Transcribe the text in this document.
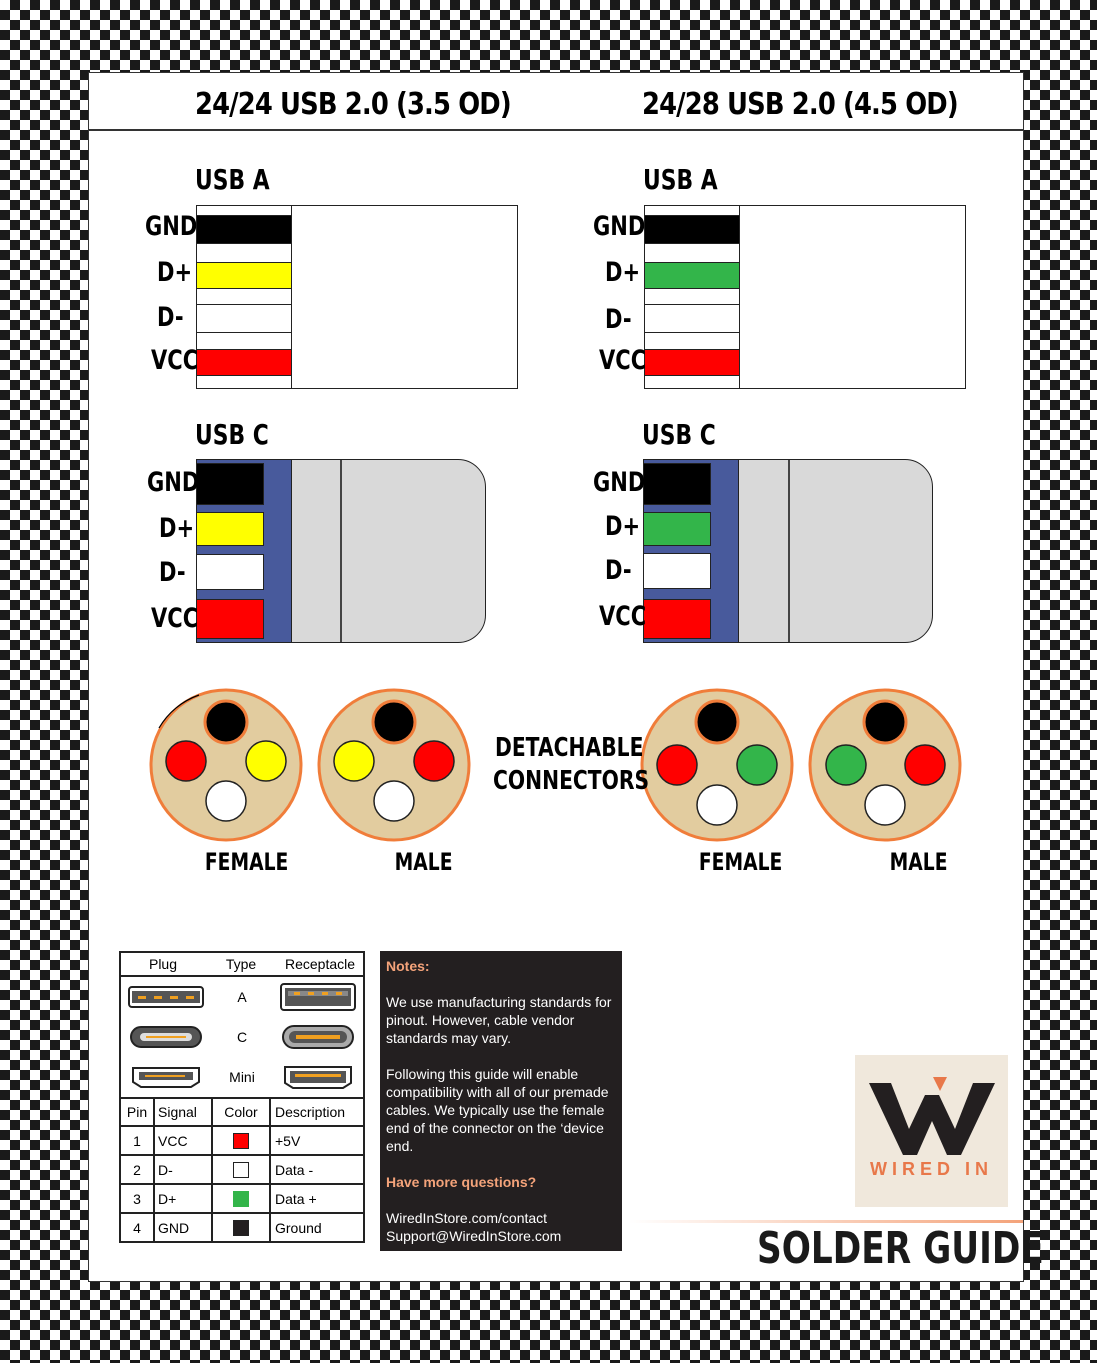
24/24 USB 2.0 (3.5 OD)	24/28 USB 2.0 (4.5 OD)
USB A
GND
D+
D-
VCC
USB C
GND
D+
D-
VCC
USB A
GND
D+
D-
VCC
USB C
GND
D+
D-
VCC
FEMALE	MALE	FEMALE	MALE
DETACHABLE
CONNECTORS
Plug	Type	Receptacle
A
C
Mini
Pin Signal	Color	Description
1	VCC	+5V
2	D-	Data -
3	D+	Data +
4	GND	Ground
Notes:

We use manufacturing standards for pinout. However, cable vendor standards may vary.

Following this guide will enable compatibility with all of our premade cables. We typically use the female end of the connector on the ‘device end.

Have more questions?
WiredInStore.com/contact
Support@WiredInStore.com
WIRED IN
SOLDER GUIDE
